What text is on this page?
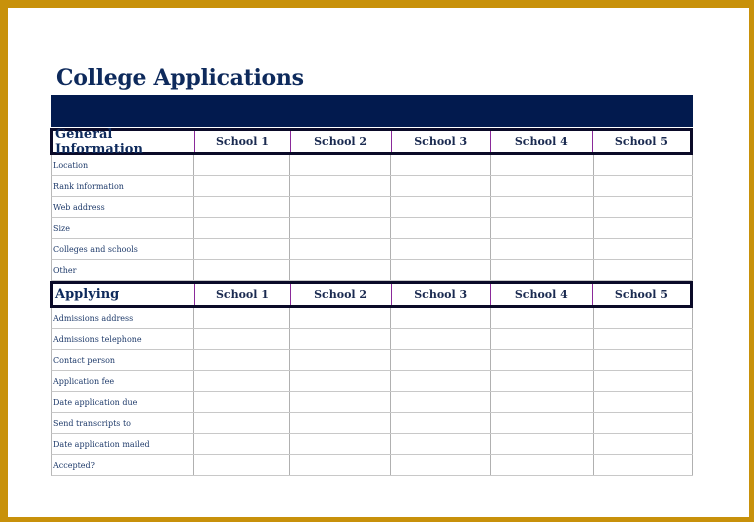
College Applications
General Information	School 1	School 2	School 3	School 4	School 5
Location
Rank information
Web address
Size
Colleges and schools
Other
Applying	School 1	School 2	School 3	School 4	School 5
Admissions address
Admissions telephone
Contact person
Application fee
Date application due
Send transcripts to
Date application mailed
Accepted?
